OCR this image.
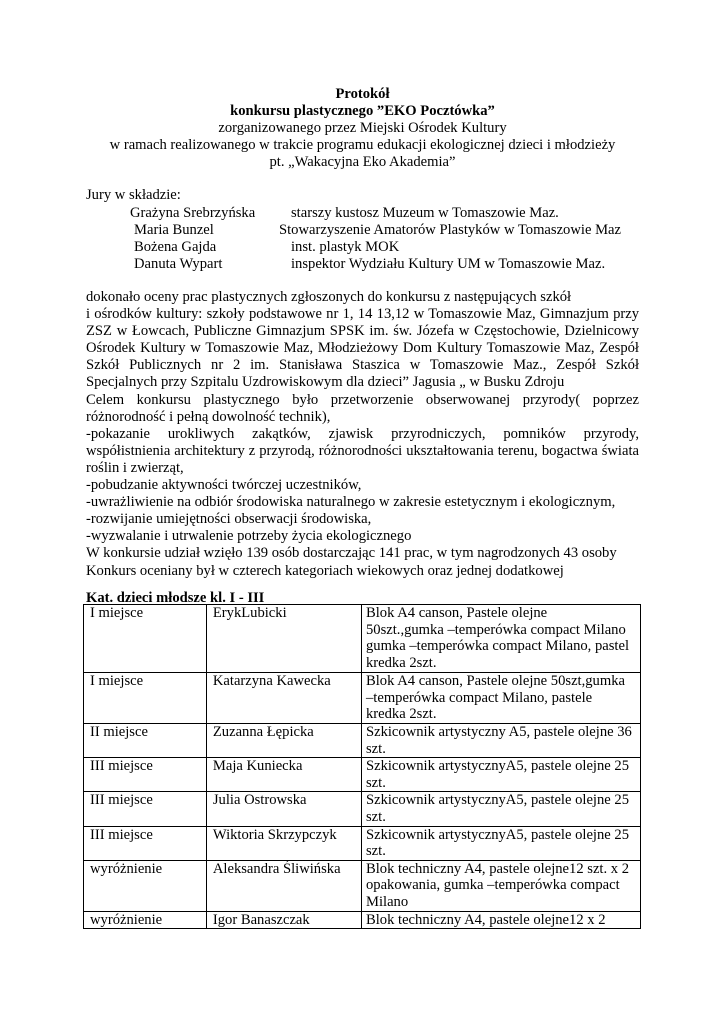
Protokół
konkursu plastycznego ”EKO Pocztówka”
zorganizowanego przez Miejski Ośrodek Kultury
w ramach realizowanego w trakcie programu edukacji ekologicznej dzieci i młodzieży
pt. „Wakacyjna Eko Akademia”
Jury w składzie:
Grażyna Srebrzyńska starszy kustosz Muzeum w Tomaszowie Maz.
Maria Bunzel	Stowarzyszenie Amatorów Plastyków w Tomaszowie Maz
Bożena Gajda	inst. plastyk MOK
Danuta Wypart	inspektor Wydziału Kultury UM w Tomaszowie Maz.
dokonało oceny prac plastycznych zgłoszonych do konkursu z następujących szkół
i ośrodków kultury: szkoły podstawowe nr 1, 14 13,12 w Tomaszowie Maz, Gimnazjum przy
ZSZ w Łowcach, Publiczne Gimnazjum SPSK im. św. Józefa w Częstochowie, Dzielnicowy
Ośrodek Kultury w Tomaszowie Maz, Młodzieżowy Dom Kultury Tomaszowie Maz, Zespół
Szkół Publicznych nr 2 im. Stanisława Staszica w Tomaszowie Maz., Zespół Szkół
Specjalnych przy Szpitalu Uzdrowiskowym dla dzieci” Jagusia „ w Busku Zdroju
Celem konkursu plastycznego było przetworzenie obserwowanej przyrody( poprzez
różnorodność i pełną dowolność technik),
-pokazanie urokliwych zakątków, zjawisk przyrodniczych, pomników przyrody,
współistnienia architektury z przyrodą, różnorodności ukształtowania terenu, bogactwa świata
roślin i zwierząt,
-pobudzanie aktywności twórczej uczestników,
-uwrażliwienie na odbiór środowiska naturalnego w zakresie estetycznym i ekologicznym,
-rozwijanie umiejętności obserwacji środowiska,
-wyzwalanie i utrwalenie potrzeby życia ekologicznego
W konkursie udział wzięło 139 osób dostarczając 141 prac, w tym nagrodzonych 43 osoby
Konkurs oceniany był w czterech kategoriach wiekowych oraz jednej dodatkowej
Kat. dzieci młodsze kl. I - III
I miejsce	ErykLubicki	Blok A4 canson, Pastele olejne
50szt.,gumka –temperówka compact Milano
gumka –temperówka compact Milano, pastel
kredka 2szt.

I miejsce	Katarzyna Kawecka	Blok A4 canson, Pastele olejne 50szt,gumka
–temperówka compact Milano, pastele
kredka 2szt.

II miejsce	Zuzanna Łępicka	Szkicownik artystyczny A5, pastele olejne 36
szt.

III miejsce	Maja Kuniecka	Szkicownik artystycznyA5, pastele olejne 25
szt.

III miejsce	Julia Ostrowska	Szkicownik artystycznyA5, pastele olejne 25
szt.

III miejsce	Wiktoria Skrzypczyk	Szkicownik artystycznyA5, pastele olejne 25
szt.

wyróżnienie	Aleksandra Śliwińska	Blok techniczny A4, pastele olejne12 szt. x 2
opakowania, gumka –temperówka compact
Milano

wyróżnienie	Igor Banaszczak	Blok techniczny A4, pastele olejne12 x 2
